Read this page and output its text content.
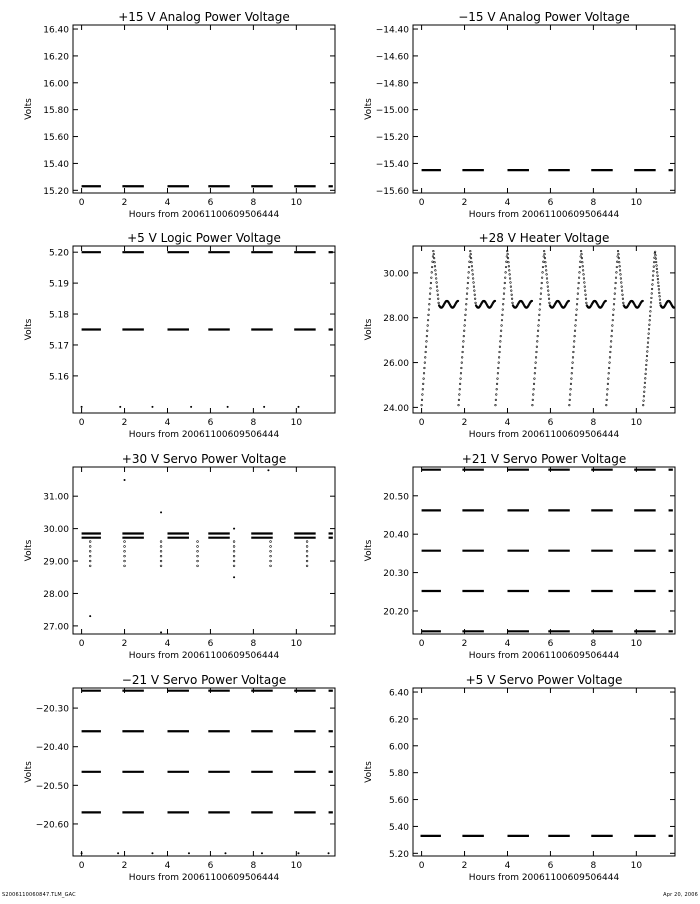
+15 V Analog Power Voltage
0	2	4	6	8	10
15.20
15.40
15.60
15.80
16.00
16.20
16.40
Hours from 20061100609506444
Volts
−15 V Analog Power Voltage
0	2	4	6	8	10
−14.40
−14.60
−14.80
−15.00
−15.20
−15.40
−15.60
Hours from 20061100609506444
Volts
+5 V Logic Power Voltage
0	2	4	6	8	10
5.16
5.17
5.18
5.19
5.20
Hours from 20061100609506444
Volts
+28 V Heater Voltage
0	2	4	6	8	10
24.00
26.00
28.00
30.00
Hours from 20061100609506444
Volts
+30 V Servo Power Voltage
0	2	4	6	8	10
27.00
28.00
29.00
30.00
31.00
Hours from 20061100609506444
Volts
+21 V Servo Power Voltage
0	2	4	6	8	10
20.20
20.30
20.40
20.50
Hours from 20061100609506444
Volts
−21 V Servo Power Voltage
0	2	4	6	8	10
−20.30
−20.40
−20.50
−20.60
Hours from 20061100609506444
Volts
+5 V Servo Power Voltage
0	2	4	6	8	10
5.20
5.40
5.60
5.80
6.00
6.20
6.40
Hours from 20061100609506444
Volts
S2006110060847.TLM_GAC	Apr 20, 2006
